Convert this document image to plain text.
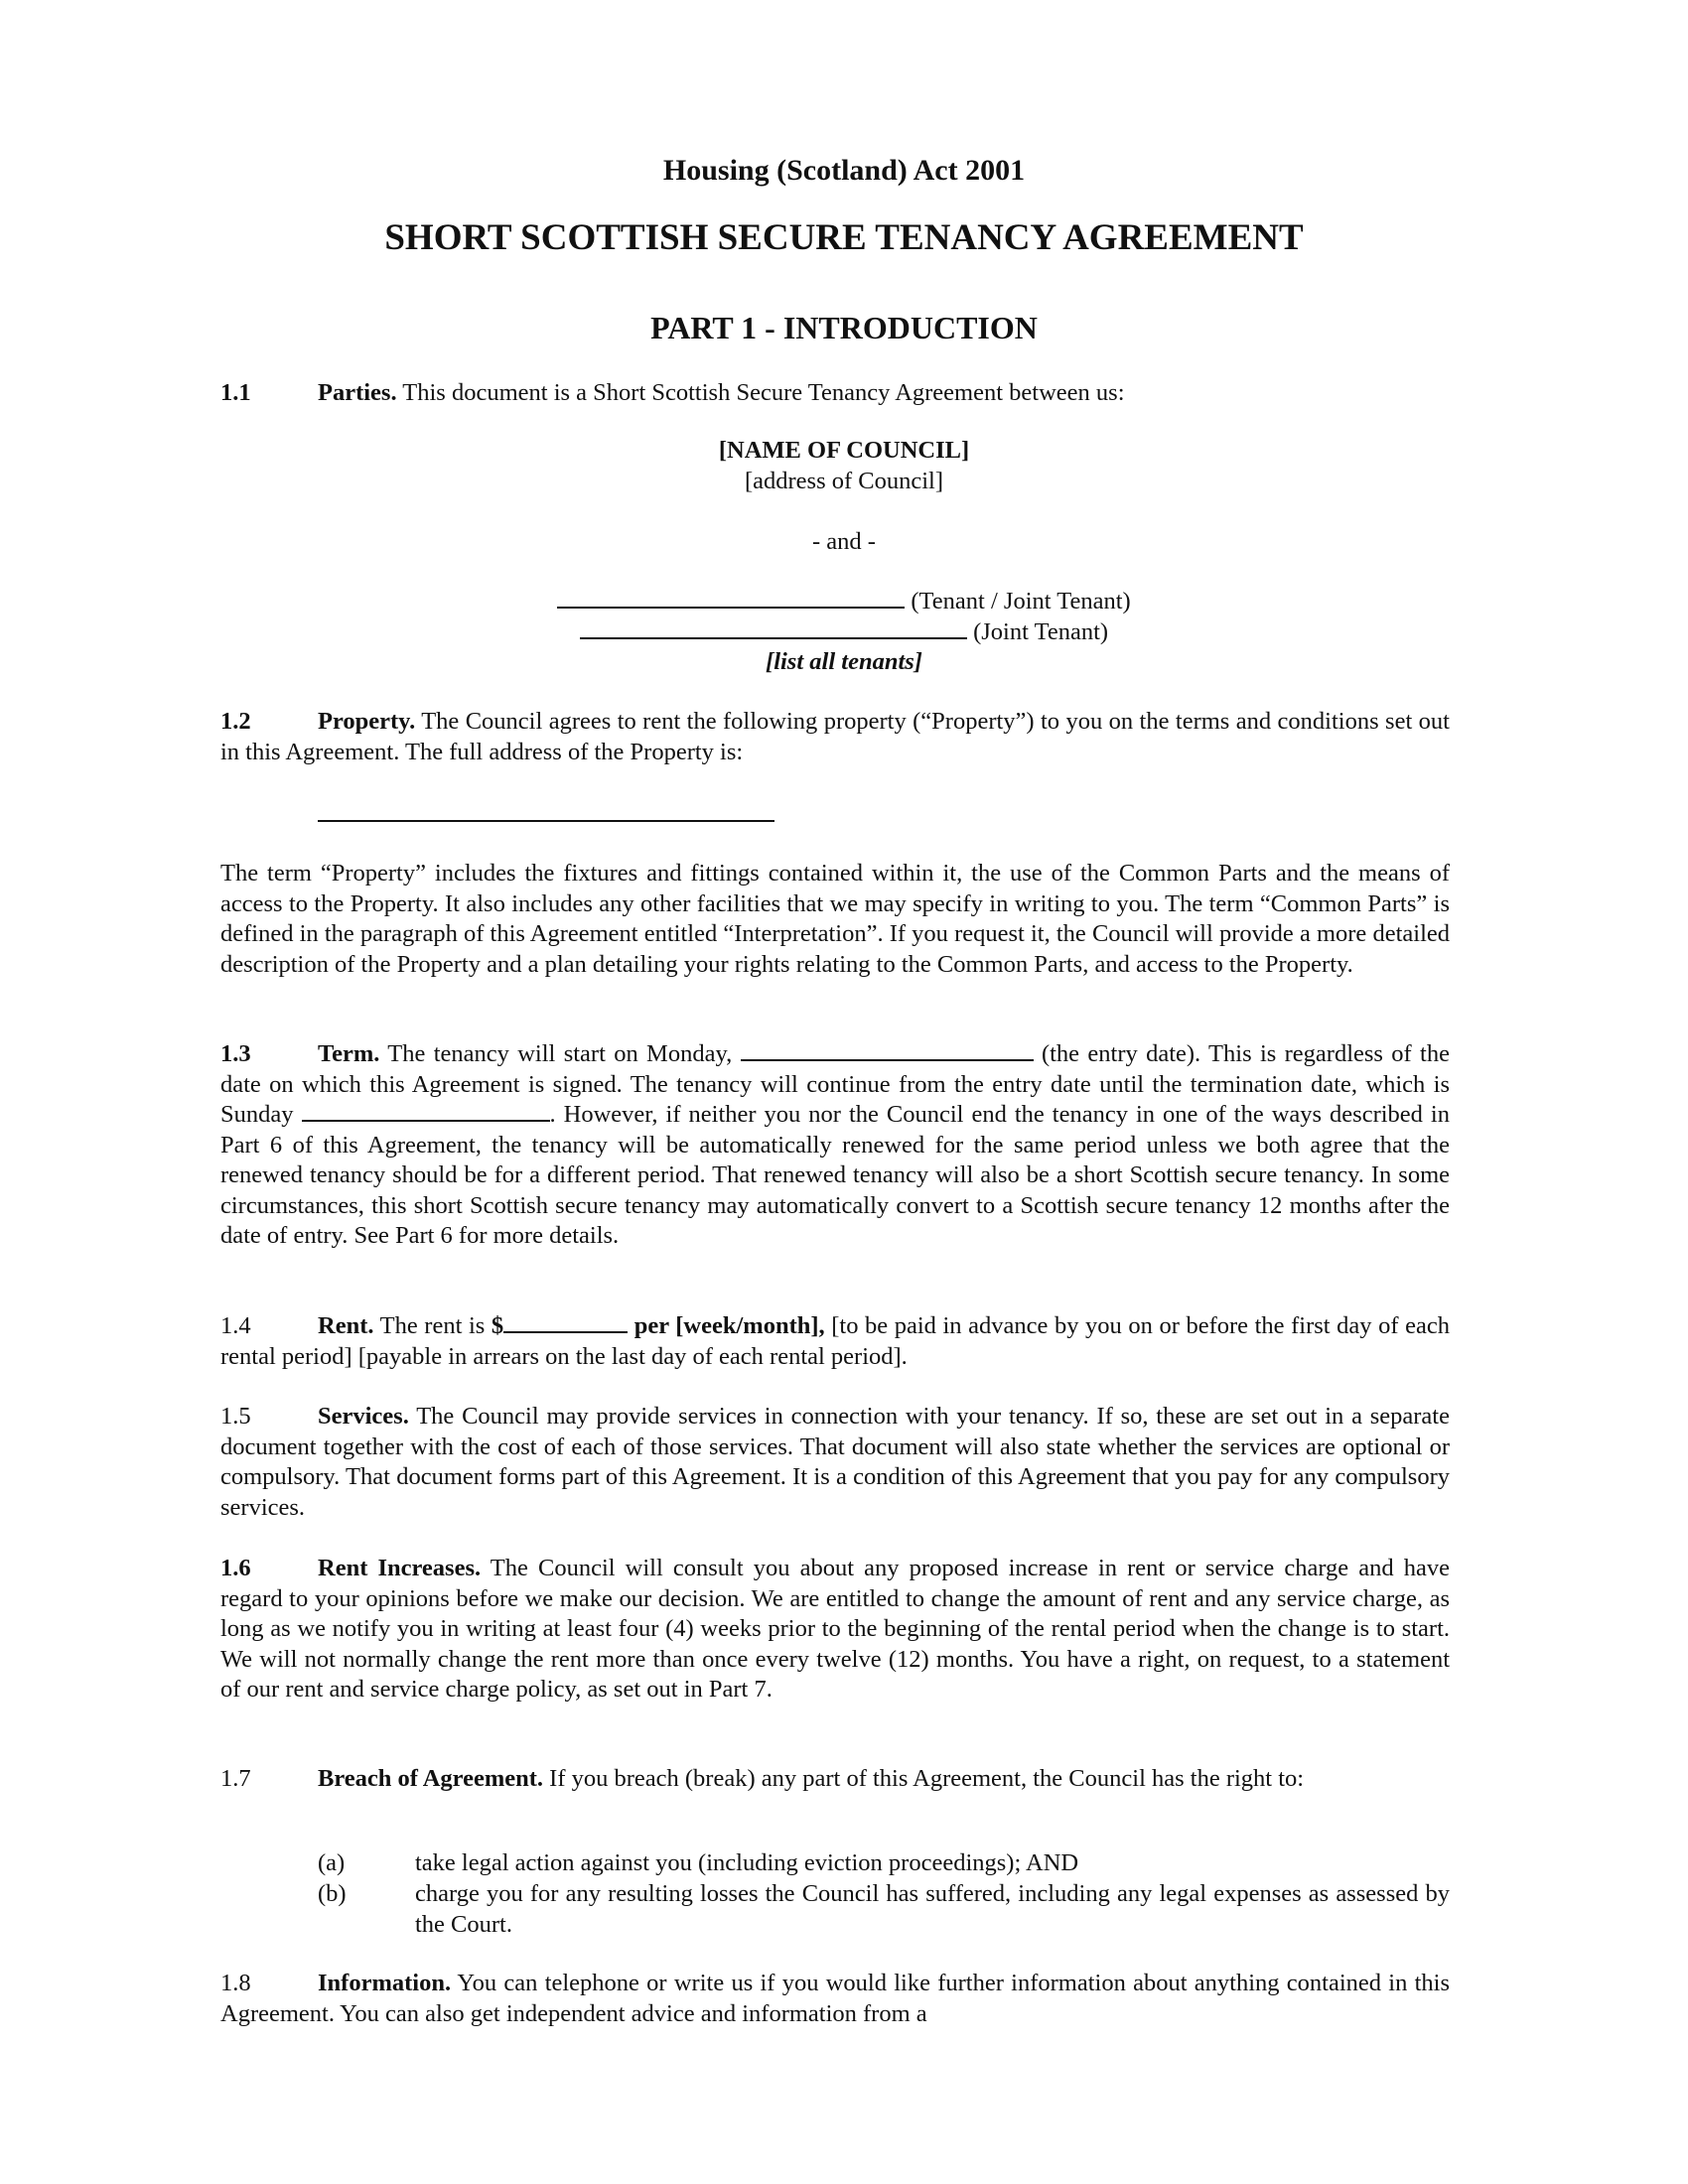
Housing (Scotland) Act 2001
SHORT SCOTTISH SECURE TENANCY AGREEMENT
PART 1 - INTRODUCTION
1.1	Parties. This document is a Short Scottish Secure Tenancy Agreement between us:
[NAME OF COUNCIL]
[address of Council]
- and -
(Tenant / Joint Tenant)
(Joint Tenant)
[list all tenants]
1.2	Property. The Council agrees to rent the following property (“Property”) to you on the terms and conditions set out in this Agreement. The full address of the Property is:
The term “Property” includes the fixtures and fittings contained within it, the use of the Common Parts and the means of access to the Property. It also includes any other facilities that we may specify in writing to you. The term “Common Parts” is defined in the paragraph of this Agreement entitled “Interpretation”. If you request it, the Council will provide a more detailed description of the Property and a plan detailing your rights relating to the Common Parts, and access to the Property.
1.3	Term. The tenancy will start on Monday,	(the entry date). This is regardless of the date on which this Agreement is signed. The tenancy will continue from the entry date until the termination date, which is Sunday	. However, if neither you nor the Council end the tenancy in one of the ways described in Part 6 of this Agreement, the tenancy will be automatically renewed for the same period unless we both agree that the renewed tenancy should be for a different period. That renewed tenancy will also be a short Scottish secure tenancy. In some circumstances, this short Scottish secure tenancy may automatically convert to a Scottish secure tenancy 12 months after the date of entry. See Part 6 for more details.
1.4	Rent. The rent is $	per [week/month], [to be paid in advance by you on or before the first day of each rental period] [payable in arrears on the last day of each rental period].
1.5	Services. The Council may provide services in connection with your tenancy. If so, these are set out in a separate document together with the cost of each of those services. That document will also state whether the services are optional or compulsory. That document forms part of this Agreement. It is a condition of this Agreement that you pay for any compulsory services.
1.6	Rent Increases. The Council will consult you about any proposed increase in rent or service charge and have regard to your opinions before we make our decision. We are entitled to change the amount of rent and any service charge, as long as we notify you in writing at least four (4) weeks prior to the beginning of the rental period when the change is to start. We will not normally change the rent more than once every twelve (12) months. You have a right, on request, to a statement of our rent and service charge policy, as set out in Part 7.
1.7	Breach of Agreement. If you breach (break) any part of this Agreement, the Council has the right to:
(a)	take legal action against you (including eviction proceedings); AND
(b)	charge you for any resulting losses the Council has suffered, including any legal expenses as assessed by the Court.
1.8	Information. You can telephone or write us if you would like further information about anything contained in this Agreement. You can also get independent advice and information from a
